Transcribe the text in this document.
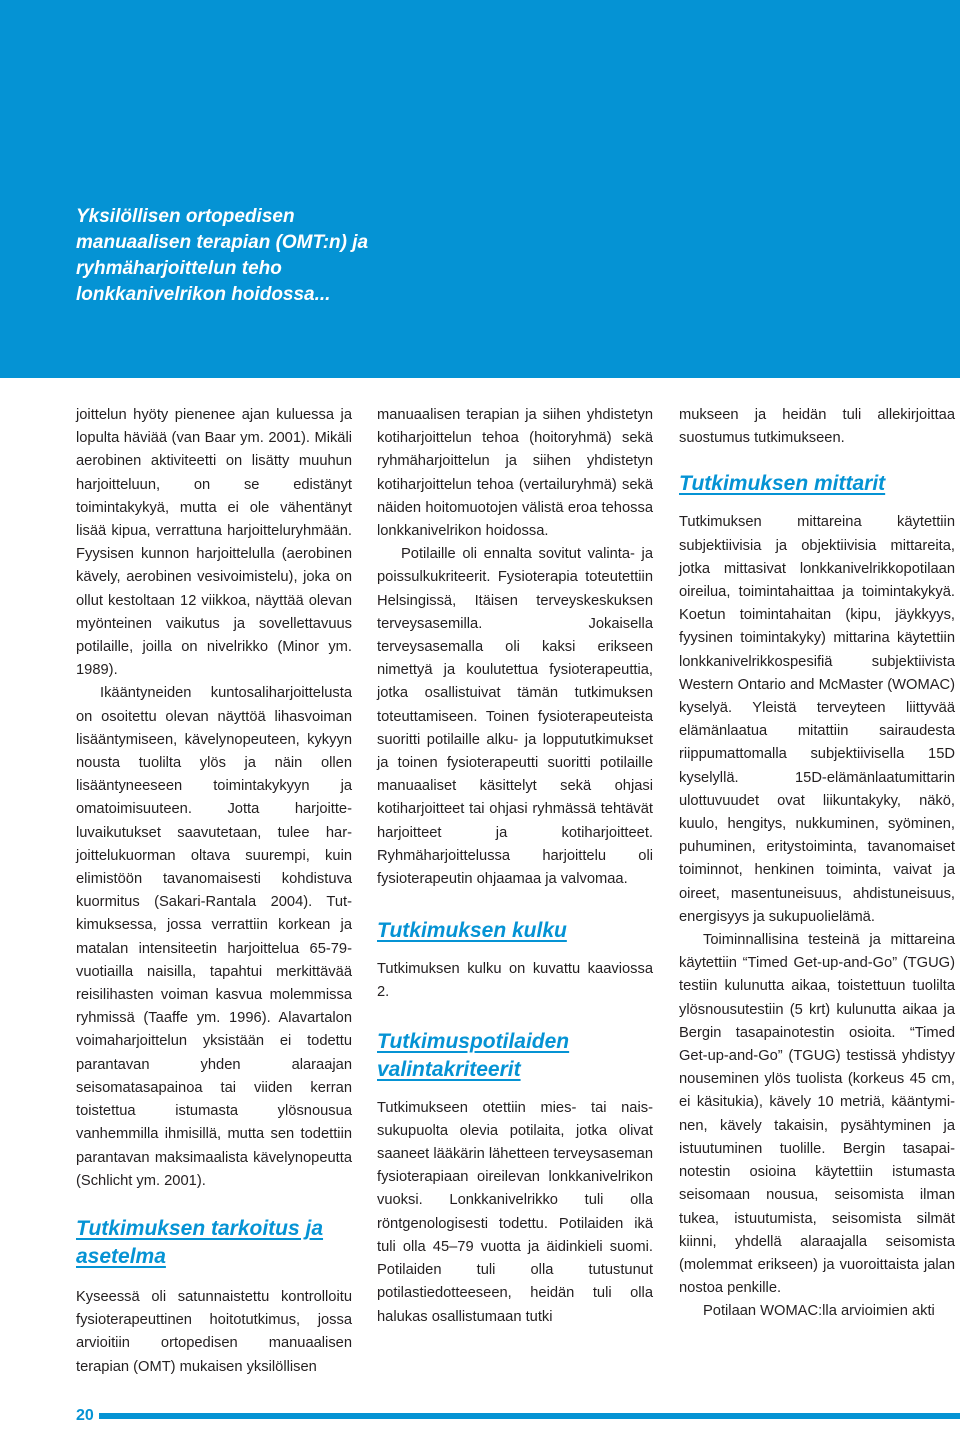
Yksilöllisen ortopedisen manuaalisen terapian (OMT:n) ja ryhmäharjoittelun teho lonkkanivelrikon hoidossa...

joittelun hyöty pienenee ajan kuluessa ja lopulta häviää (van Baar ym. 2001). Mikäli aerobinen aktiviteetti on lisätty muuhun harjoitteluun, on se edistänyt toimintakykyä, mutta ei ole vähentänyt lisää kipua, verrattuna harjoitteluryhmään. Fyysisen kunnon harjoittelulla (aerobinen kävely, aerobinen vesivoimistelu), joka on ollut kestoltaan 12 viikkoa, näyttää olevan myönteinen vaikutus ja sovellettavuus potilaille, joilla on nivelrikko (Minor ym. 1989).

Ikääntyneiden kuntosaliharjoittelusta on osoitettu olevan näyttöä lihasvoiman lisääntymiseen, kävelynopeuteen, kykyyn nousta tuolilta ylös ja näin ollen lisääntyneeseen toimintakykyyn ja omatoimisuuteen. Jotta harjoitteluvaikutukset saavutetaan, tulee harjoittelukuorman oltava suurempi, kuin elimistöön tavanomaisesti kohdistuva kuormitus (Sakari-Rantala 2004). Tutkimuksessa, jossa verrattiin korkean ja matalan intensiteetin harjoittelua 65-79-vuotiailla naisilla, tapahtui merkittävää reisilihasten voiman kasvua molemmissa ryhmissä (Taaffe ym. 1996). Alavartalon voimaharjoittelun yksistään ei todettu parantavan yhden alaraajan seisomatasapainoa tai viiden kerran toistettua istumasta ylösnousua vanhemmilla ihmisillä, mutta sen todettiin parantavan maksimaalista kävelynopeutta (Schlicht ym. 2001).

Tutkimuksen tarkoitus ja asetelma

Kyseessä oli satunnaistettu kontrolloitu fysioterapeuttinen hoitotutkimus, jossa arvioitiin ortopedisen manuaalisen terapian (OMT) mukaisen yksilöllisen

manuaalisen terapian ja siihen yhdistetyn kotiharjoittelun tehoa (hoitoryhmä) sekä ryhmäharjoittelun ja siihen yhdistetyn kotiharjoittelun tehoa (vertailuryhmä) sekä näiden hoitomuotojen välistä eroa tehossa lonkkanivelrikon hoidossa.

Potilaille oli ennalta sovitut valinta- ja poissulkukriteerit. Fysioterapia toteutettiin Helsingissä, Itäisen terveyskeskuksen terveysasemilla. Jokaisella terveysasemalla oli kaksi erikseen nimettyä ja koulutettua fysioterapeuttia, jotka osallistuivat tämän tutkimuksen toteuttamiseen. Toinen fysioterapeuteista suoritti potilaille alku- ja loppututkimukset ja toinen fysioterapeutti suoritti potilaille manuaaliset käsittelyt sekä ohjasi kotiharjoitteet tai ohjasi ryhmässä tehtävät harjoitteet ja kotiharjoitteet. Ryhmäharjoittelussa harjoittelu oli fysioterapeutin ohjaamaa ja valvomaa.

Tutkimuksen kulku

Tutkimuksen kulku on kuvattu kaaviossa 2.

Tutkimuspotilaiden valintakriteerit

Tutkimukseen otettiin mies- tai naissukupuolta olevia potilaita, jotka olivat saaneet lääkärin lähetteen terveysaseman fysioterapiaan oireilevan lonkkanivelrikon vuoksi. Lonkkanivelrikko tuli olla röntgenologisesti todettu. Potilaiden ikä tuli olla 45–79 vuotta ja äidinkieli suomi. Potilaiden tuli olla tutustunut potilastiedotteeseen, heidän tuli olla halukas osallistumaan tutki

mukseen ja heidän tuli allekirjoittaa suostumus tutkimukseen.

Tutkimuksen mittarit

Tutkimuksen mittareina käytettiin subjektiivisia ja objektiivisia mittareita, jotka mittasivat lonkkanivelrikkopotilaan oireilua, toimintahaittaa ja toimintakykyä. Koetun toimintahaitan (kipu, jäykkyys, fyysinen toimintakyky) mittarina käytettiin lonkkanivelrikkospesifiä subjektiivista Western Ontario and McMaster (WOMAC) kyselyä. Yleistä terveyteen liittyvää elämänlaatua mitattiin sairaudesta riippumattomalla subjektiivisella 15D kyselyllä. 15D-elämänlaatumittarin ulottuvuudet ovat liikuntakyky, näkö, kuulo, hengitys, nukkuminen, syöminen, puhuminen, eritystoiminta, tavanomaiset toiminnot, henkinen toiminta, vaivat ja oireet, masentuneisuus, ahdistuneisuus, energisyys ja sukupuolielämä.

Toiminnallisina testeinä ja mittareina käytettiin “Timed Get-up-and-Go” (TGUG) testiin kulunutta aikaa, toistettuun tuolilta ylösnousutestiin (5 krt) kulunutta aikaa ja Bergin tasapainotestin osioita. “Timed Get-up-and-Go” (TGUG) testissä yhdistyy nouseminen ylös tuolista (korkeus 45 cm, ei käsitukia), kävely 10 metriä, kääntyminen, kävely takaisin, pysähtyminen ja istuutuminen tuolille. Bergin tasapainotestin osioina käytettiin istumasta seisomaan nousua, seisomista ilman tukea, istuutumista, seisomista silmät kiinni, yhdellä alaraajalla seisomista (molemmat erikseen) ja vuoroittaista jalan nostoa penkille.

Potilaan WOMAC:lla arvioimien akti

20
